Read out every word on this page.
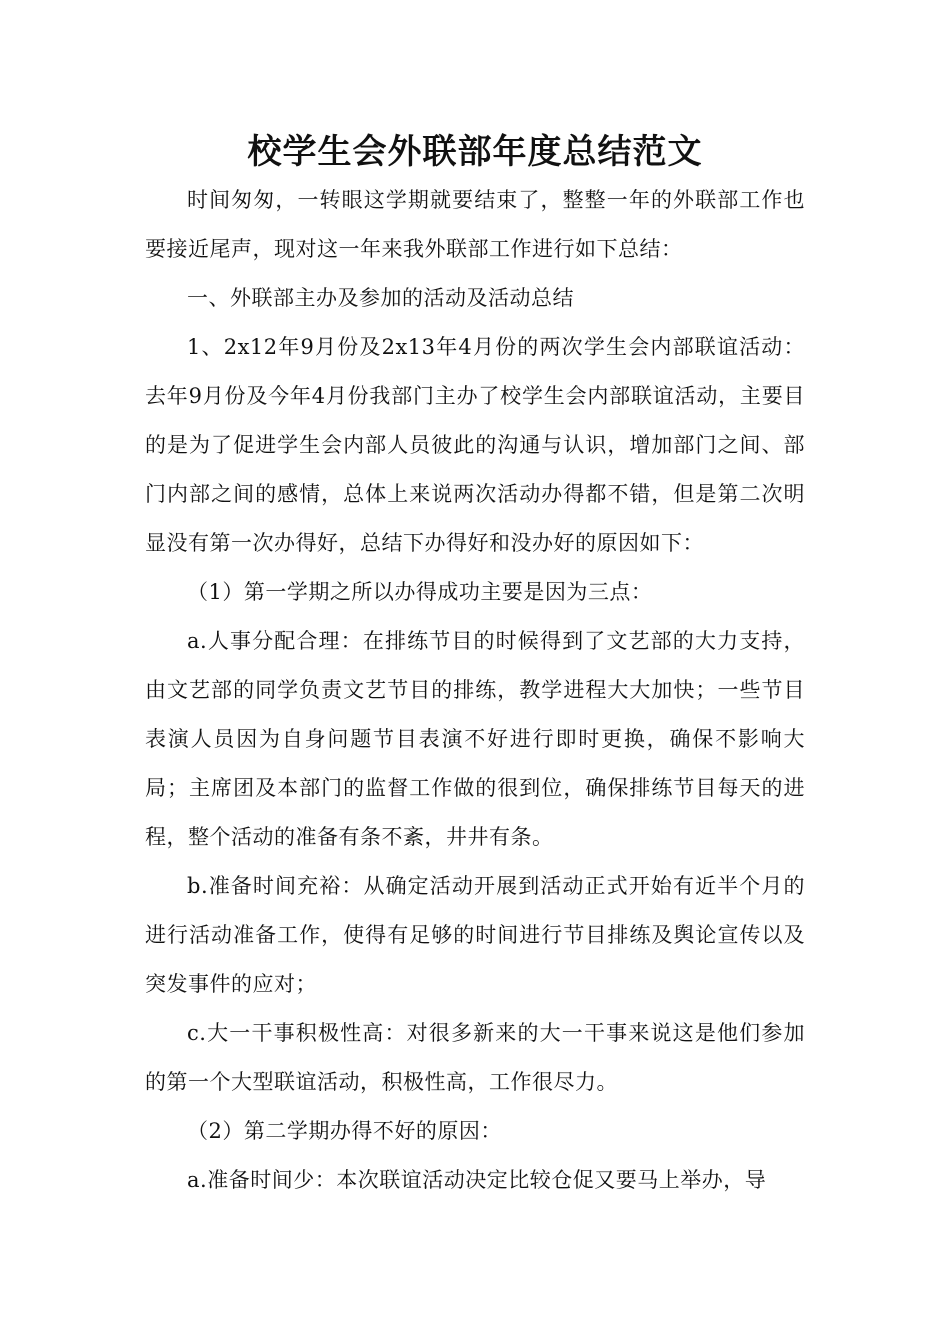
校学生会外联部年度总结范文

时间匆匆，一转眼这学期就要结束了，整整一年的外联部工作也要接近尾声，现对这一年来我外联部工作进行如下总结：

一、外联部主办及参加的活动及活动总结

1、2x12年9月份及2x13年4月份的两次学生会内部联谊活动：去年9月份及今年4月份我部门主办了校学生会内部联谊活动，主要目的是为了促进学生会内部人员彼此的沟通与认识，增加部门之间、部门内部之间的感情，总体上来说两次活动办得都不错，但是第二次明显没有第一次办得好，总结下办得好和没办好的原因如下：

（1）第一学期之所以办得成功主要是因为三点：

a.人事分配合理：在排练节目的时候得到了文艺部的大力支持，由文艺部的同学负责文艺节目的排练，教学进程大大加快；一些节目表演人员因为自身问题节目表演不好进行即时更换，确保不影响大局；主席团及本部门的监督工作做的很到位，确保排练节目每天的进程，整个活动的准备有条不紊，井井有条。

b.准备时间充裕：从确定活动开展到活动正式开始有近半个月的进行活动准备工作，使得有足够的时间进行节目排练及舆论宣传以及突发事件的应对；

c.大一干事积极性高：对很多新来的大一干事来说这是他们参加的第一个大型联谊活动，积极性高，工作很尽力。

（2）第二学期办得不好的原因：

a.准备时间少：本次联谊活动决定比较仓促又要马上举办，导
